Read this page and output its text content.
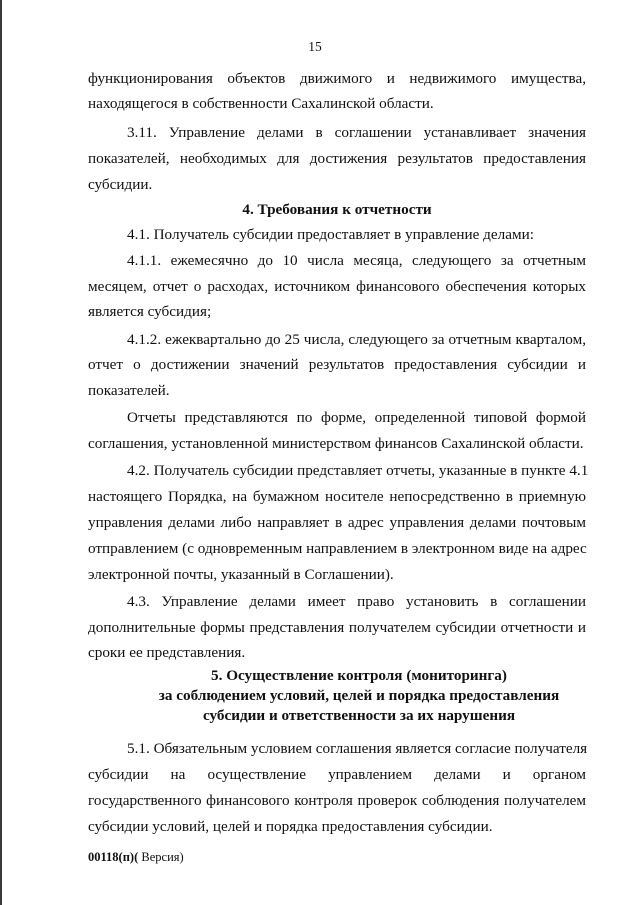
15
функционирования объектов движимого и недвижимого имущества,
находящегося в собственности Сахалинской области.
3.11. Управление делами в соглашении устанавливает значения
показателей, необходимых для достижения результатов предоставления
субсидии.
4. Требования к отчетности
4.1. Получатель субсидии предоставляет в управление делами:
4.1.1. ежемесячно до 10 числа месяца, следующего за отчетным
месяцем, отчет о расходах, источником финансового обеспечения которых
является субсидия;
4.1.2. ежеквартально до 25 числа, следующего за отчетным кварталом,
отчет о достижении значений результатов предоставления субсидии и
показателей.
Отчеты представляются по форме, определенной типовой формой
соглашения, установленной министерством финансов Сахалинской области.
4.2. Получатель субсидии представляет отчеты, указанные в пункте 4.1
настоящего Порядка, на бумажном носителе непосредственно в приемную
управления делами либо направляет в адрес управления делами почтовым
отправлением (с одновременным направлением в электронном виде на адрес
электронной почты, указанный в Соглашении).
4.3. Управление делами имеет право установить в соглашении
дополнительные формы представления получателем субсидии отчетности и
сроки ее представления.
5. Осуществление контроля (мониторинга)
за соблюдением условий, целей и порядка предоставления
субсидии и ответственности за их нарушения
5.1. Обязательным условием соглашения является согласие получателя
субсидии на осуществление управлением делами и органом
государственного финансового контроля проверок соблюдения получателем
субсидии условий, целей и порядка предоставления субсидии.
00118(п)( Версия)
